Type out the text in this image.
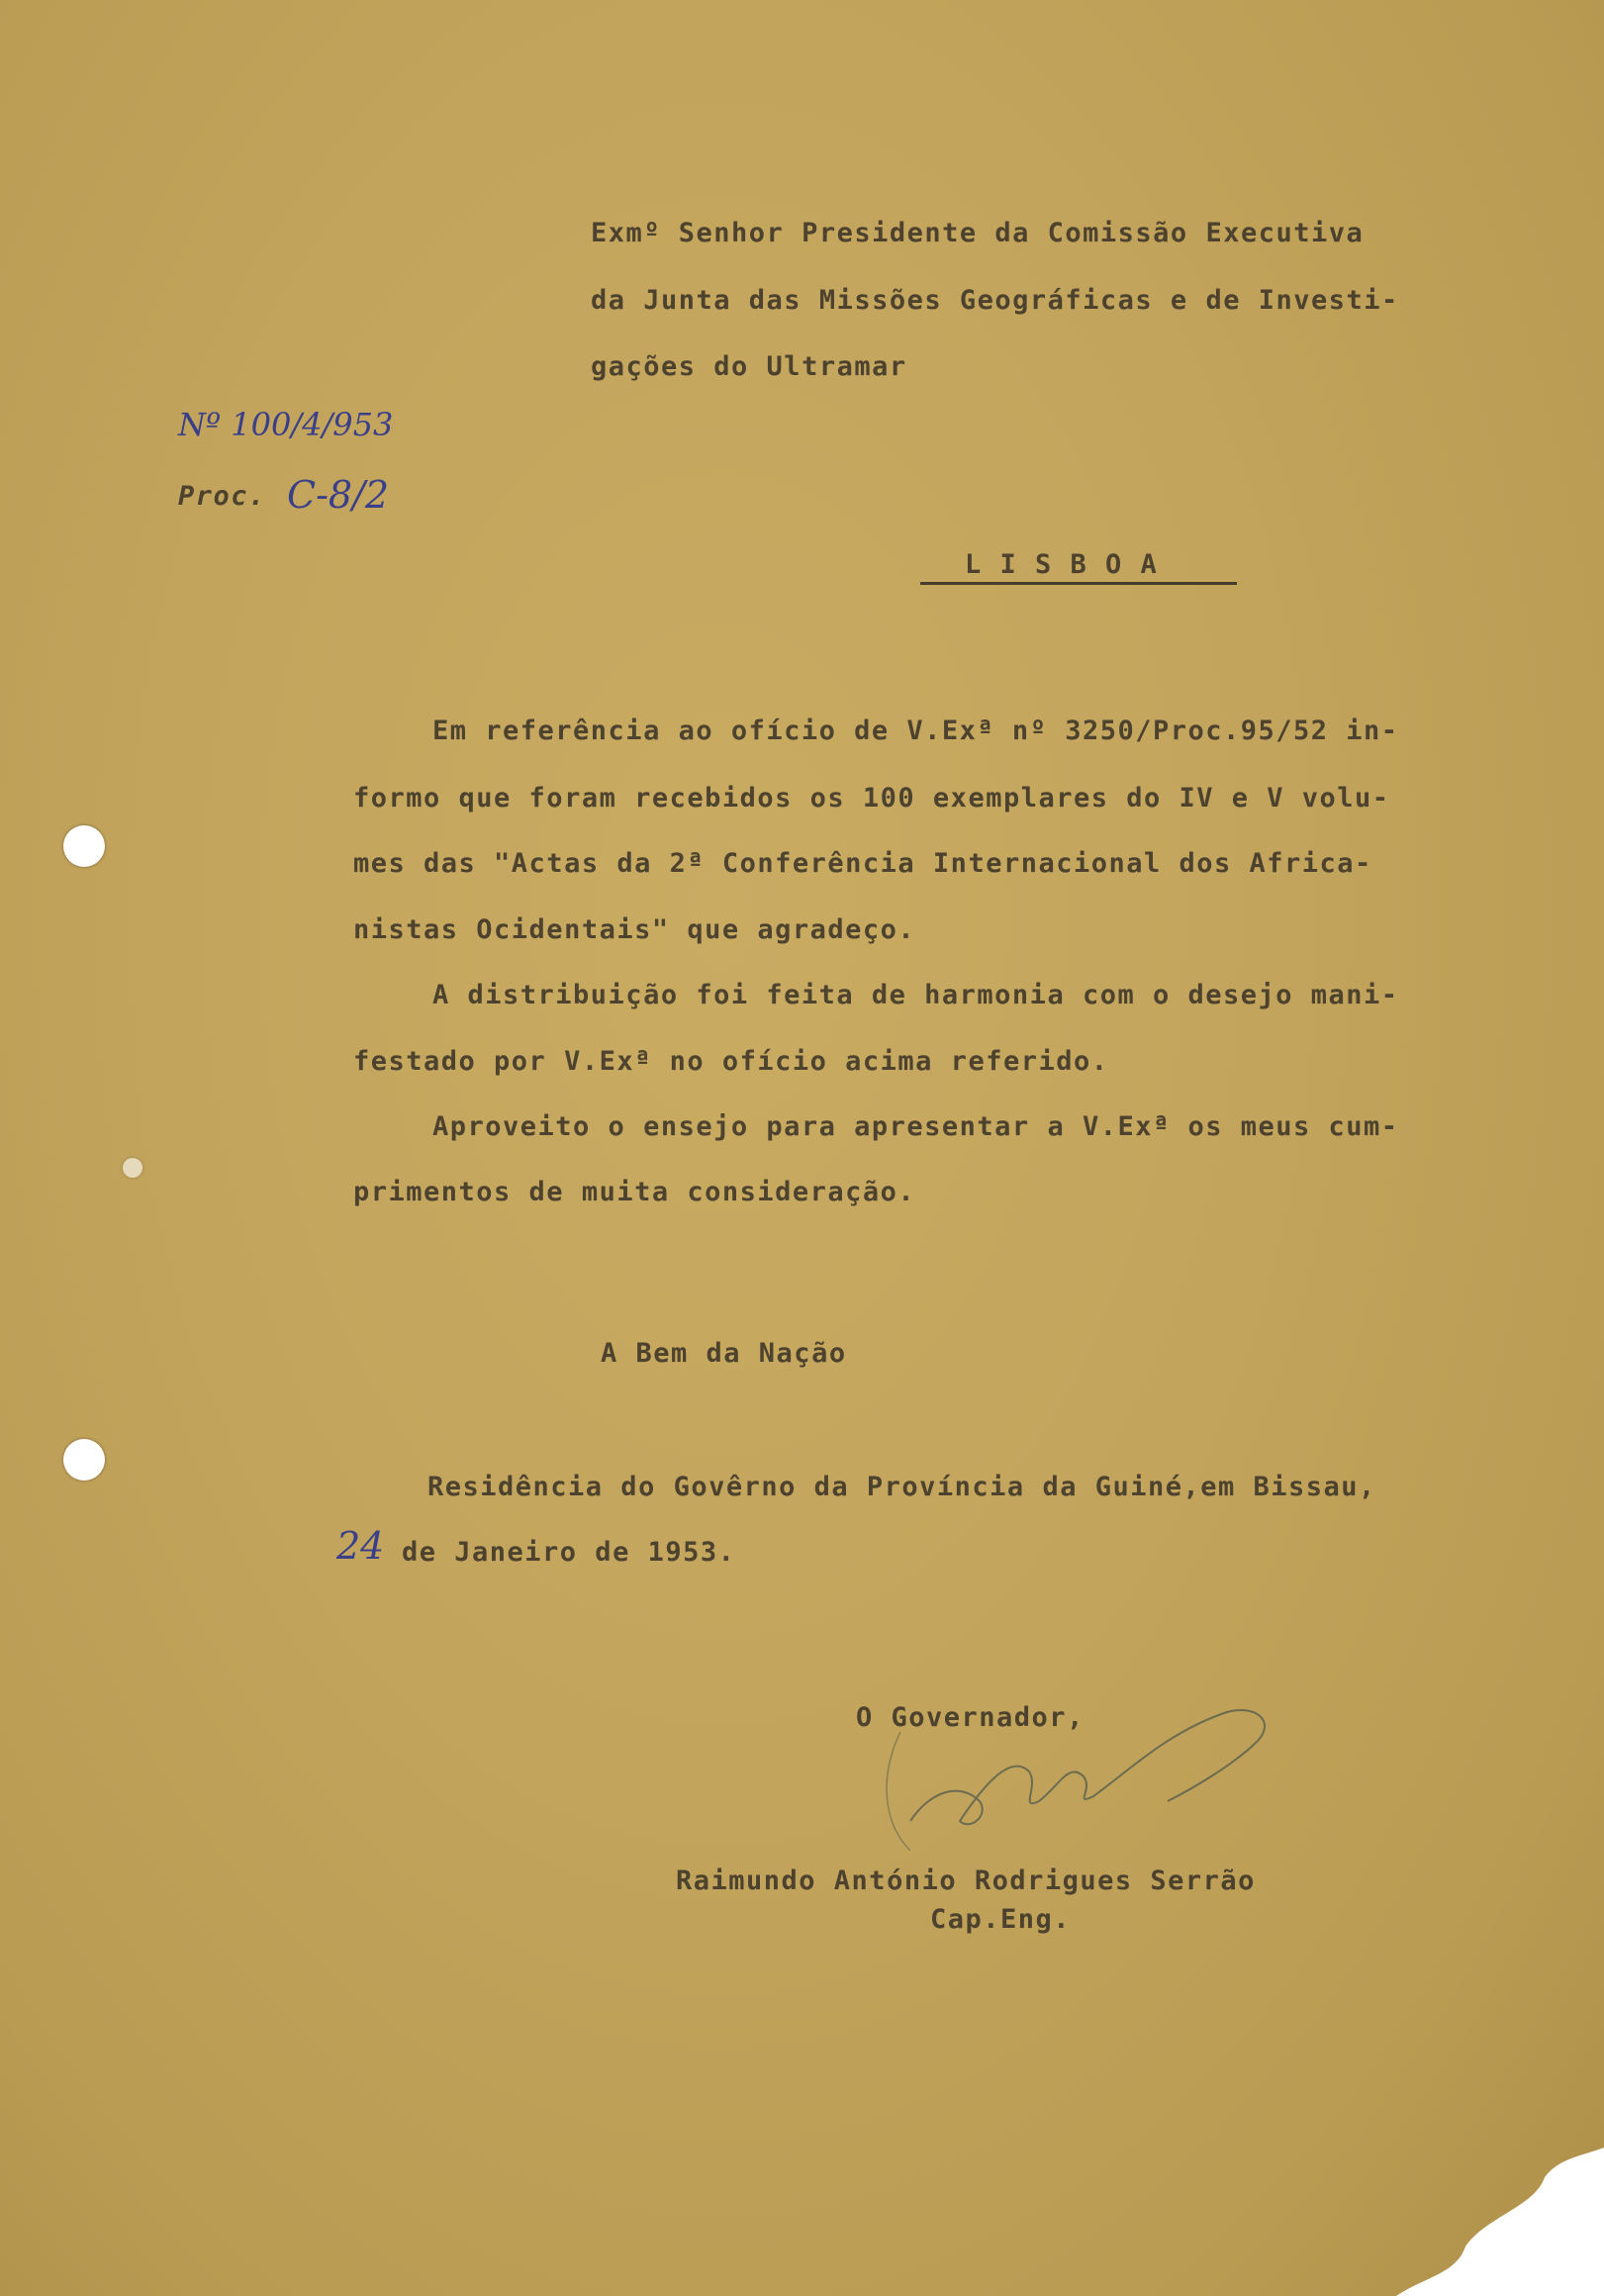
Exmº Senhor Presidente da Comissão Executiva
da Junta das Missões Geográficas e de Investi-
gações do Ultramar
Nº 100/4/953
Proc. C-8/2
L I S B O A
Em referência ao ofício de V.Exª nº 3250/Proc.95/52 in-
formo que foram recebidos os 100 exemplares do IV e V volu-
mes das "Actas da 2ª Conferência Internacional dos Africa-
nistas Ocidentais" que agradeço.
A distribuição foi feita de harmonia com o desejo mani-
festado por V.Exª no ofício acima referido.
Aproveito o ensejo para apresentar a V.Exª os meus cum-
primentos de muita consideração.
A Bem da Nação
Residência do Govêrno da Província da Guiné,em Bissau,
24 de Janeiro de 1953.
O Governador,
Raimundo António Rodrigues Serrão
Cap.Eng.
